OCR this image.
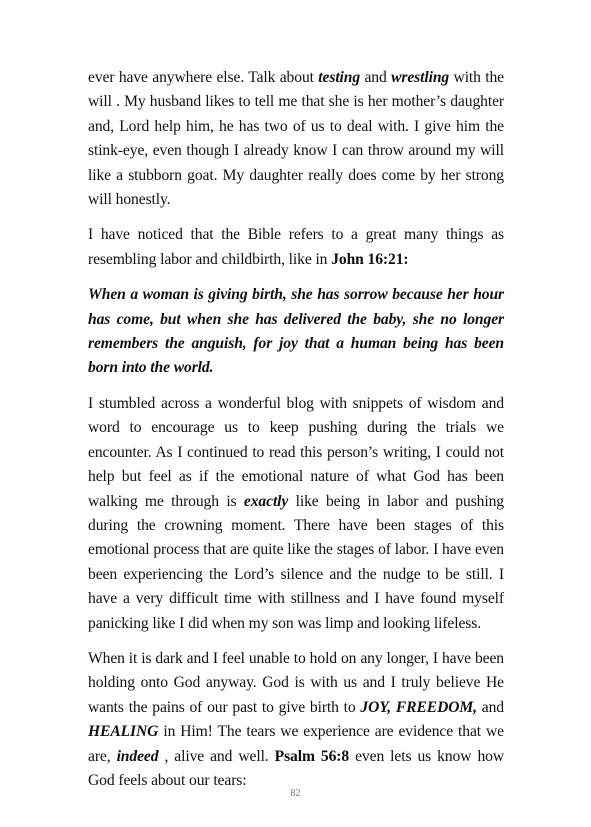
ever have anywhere else. Talk about testing and wrestling with the will . My husband likes to tell me that she is her mother’s daughter and, Lord help him, he has two of us to deal with. I give him the stink-eye, even though I already know I can throw around my will like a stubborn goat. My daughter really does come by her strong will honestly.

I have noticed that the Bible refers to a great many things as resembling labor and childbirth, like in John 16:21:

When a woman is giving birth, she has sorrow because her hour has come, but when she has delivered the baby, she no longer remembers the anguish, for joy that a human being has been born into the world.

I stumbled across a wonderful blog with snippets of wisdom and word to encourage us to keep pushing during the trials we encounter. As I continued to read this person’s writing, I could not help but feel as if the emotional nature of what God has been walking me through is exactly like being in labor and pushing during the crowning moment. There have been stages of this emotional process that are quite like the stages of labor. I have even been experiencing the Lord’s silence and the nudge to be still. I have a very difficult time with stillness and I have found myself panicking like I did when my son was limp and looking lifeless.

When it is dark and I feel unable to hold on any longer, I have been holding onto God anyway. God is with us and I truly believe He wants the pains of our past to give birth to JOY, FREEDOM, and HEALING in Him! The tears we experience are evidence that we are, indeed , alive and well. Psalm 56:8 even lets us know how God feels about our tears:

82
